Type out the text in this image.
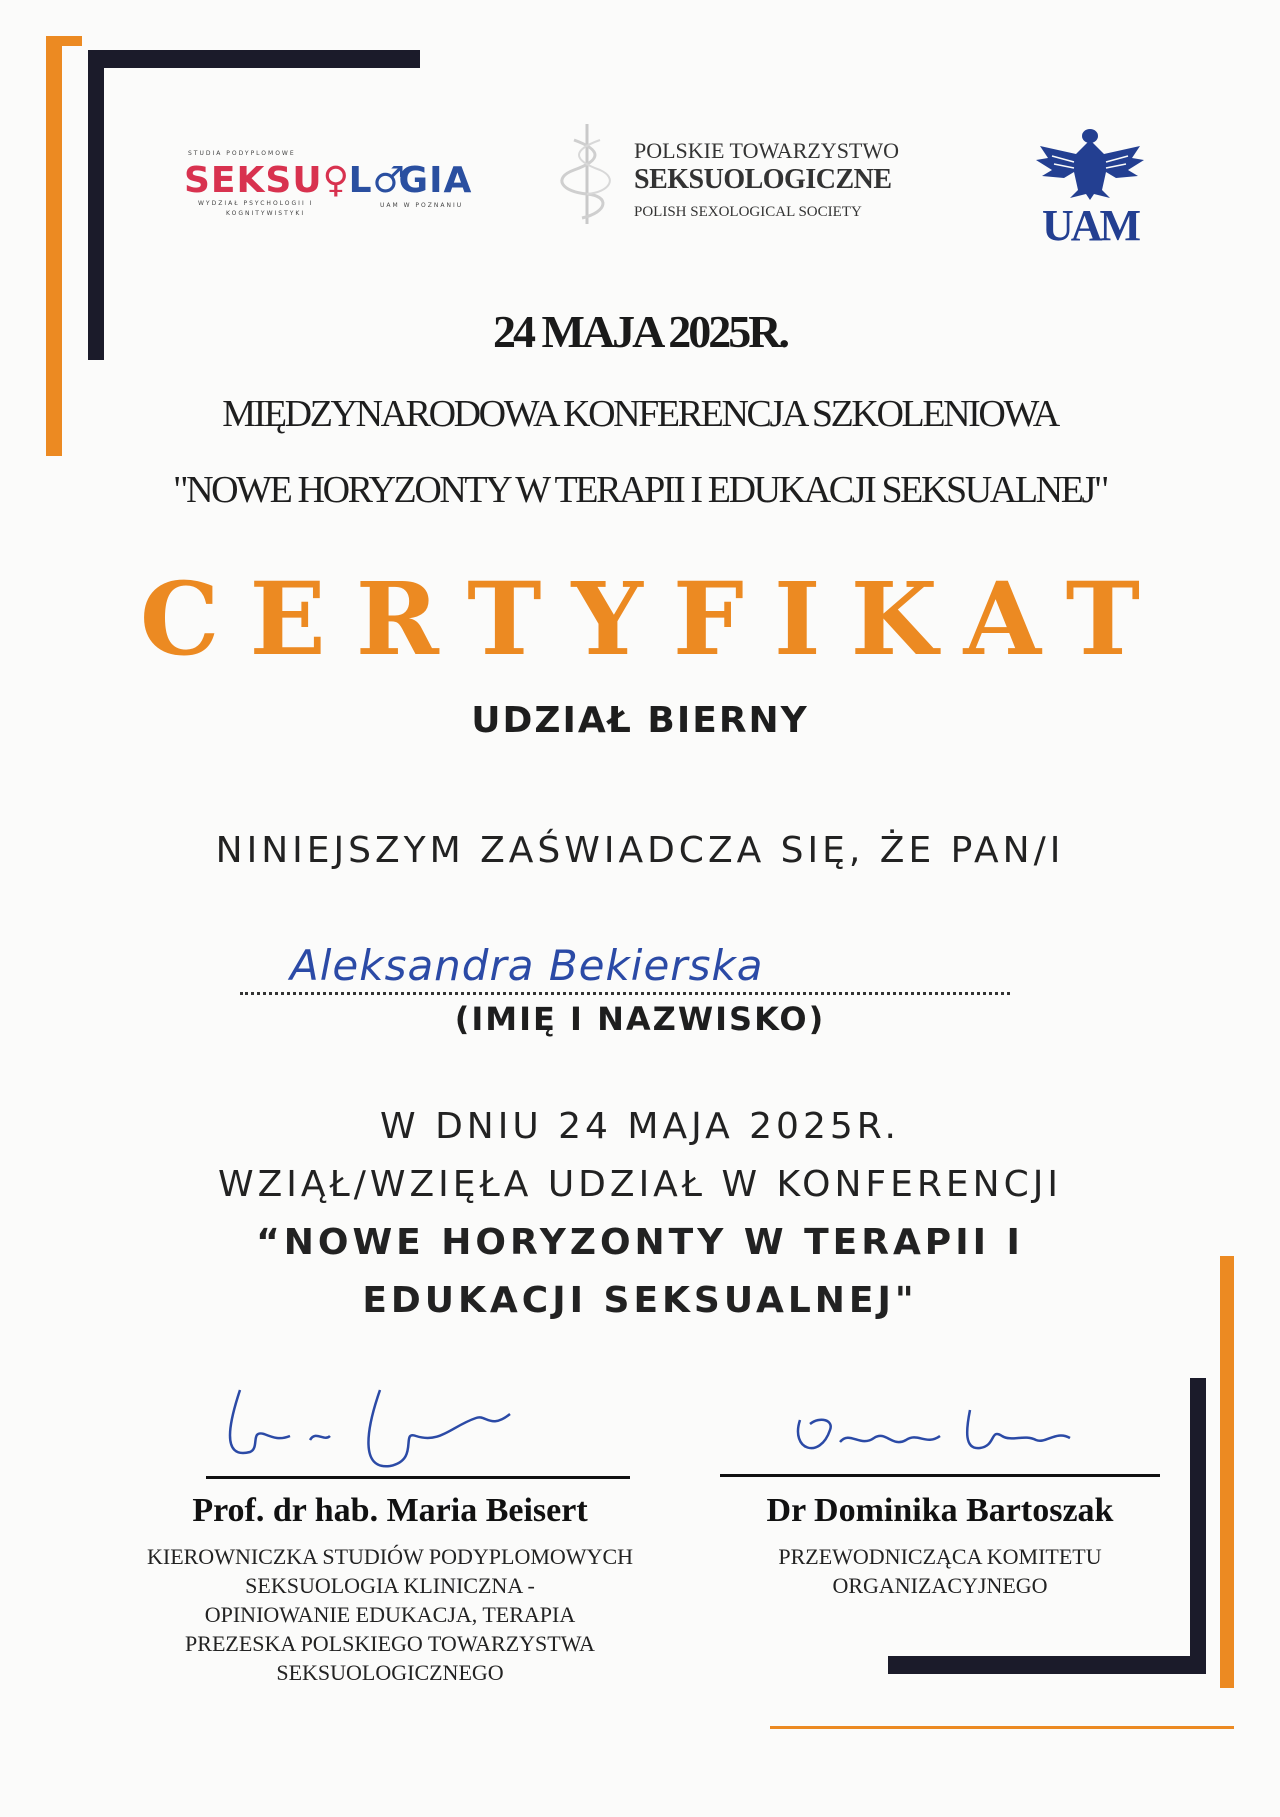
STUDIA PODYPLOMOWE
SEKSU♀L♂GIA
WYDZIAŁ PSYCHOLOGII I
KOGNITYWISTYKI
UAM W POZNANIU
POLSKIE TOWARZYSTWO
SEKSUOLOGICZNE
POLISH SEXOLOGICAL SOCIETY	UAM
24 MAJA 2025R.
MIĘDZYNARODOWA KONFERENCJA SZKOLENIOWA
"NOWE HORYZONTY W TERAPII I EDUKACJI SEKSUALNEJ"
CERTYFIKAT
UDZIAŁ BIERNY
NINIEJSZYM ZAŚWIADCZA SIĘ, ŻE PAN/I
Aleksandra Bekierska
(IMIĘ I NAZWISKO)
W DNIU 24 MAJA 2025R.
WZIĄŁ/WZIĘŁA UDZIAŁ W KONFERENCJI
“NOWE HORYZONTY W TERAPII I
EDUKACJI SEKSUALNEJ"
Prof. dr hab. Maria Beisert
KIEROWNICZKA STUDIÓW PODYPLOMOWYCH
SEKSUOLOGIA KLINICZNA -
OPINIOWANIE EDUKACJA, TERAPIA
PREZESKA POLSKIEGO TOWARZYSTWA
SEKSUOLOGICZNEGO
Dr Dominika Bartoszak
PRZEWODNICZĄCA KOMITETU
ORGANIZACYJNEGO
